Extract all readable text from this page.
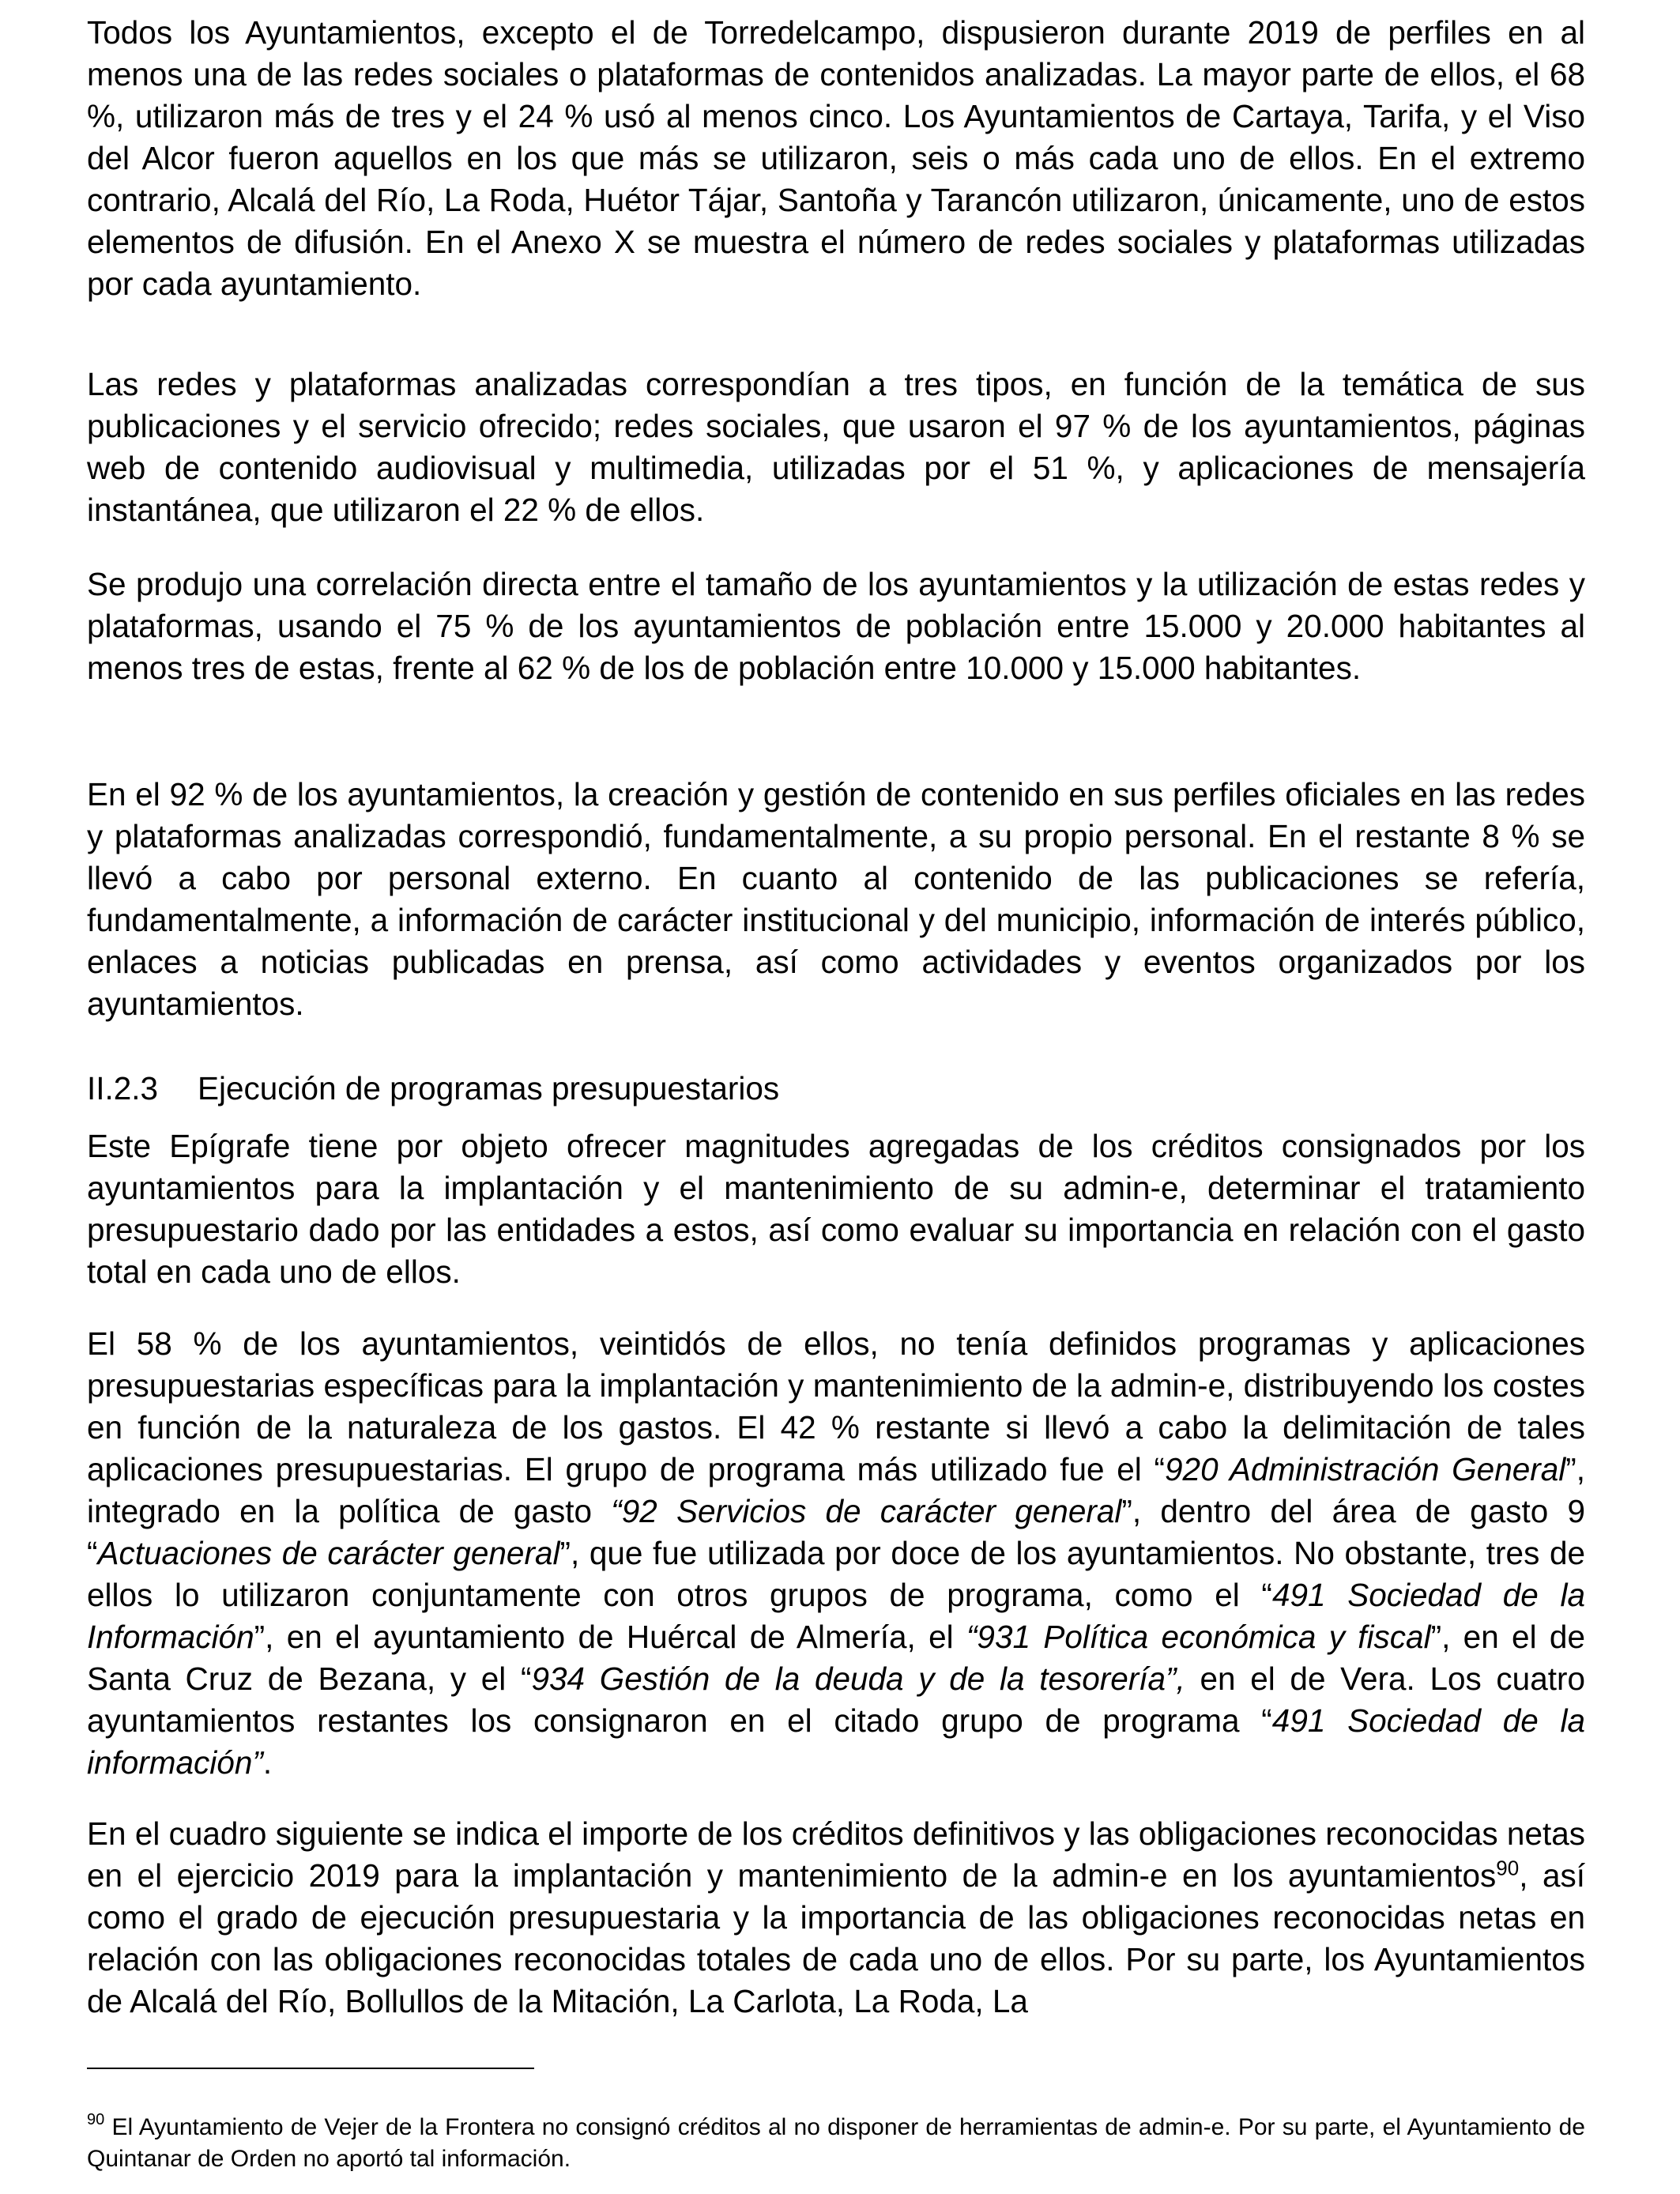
Todos los Ayuntamientos, excepto el de Torredelcampo, dispusieron durante 2019 de perfiles en al menos una de las redes sociales o plataformas de contenidos analizadas. La mayor parte de ellos, el 68 %, utilizaron más de tres y el 24 % usó al menos cinco. Los Ayuntamientos de Cartaya, Tarifa, y el Viso del Alcor fueron aquellos en los que más se utilizaron, seis o más cada uno de ellos. En el extremo contrario, Alcalá del Río, La Roda, Huétor Tájar, Santoña y Tarancón utilizaron, únicamente, uno de estos elementos de difusión. En el Anexo X se muestra el número de redes sociales y plataformas utilizadas por cada ayuntamiento.

Las redes y plataformas analizadas correspondían a tres tipos, en función de la temática de sus publicaciones y el servicio ofrecido; redes sociales, que usaron el 97 % de los ayuntamientos, páginas web de contenido audiovisual y multimedia, utilizadas por el 51 %, y aplicaciones de mensajería instantánea, que utilizaron el 22 % de ellos.

Se produjo una correlación directa entre el tamaño de los ayuntamientos y la utilización de estas redes y plataformas, usando el 75 % de los ayuntamientos de población entre 15.000 y 20.000 habitantes al menos tres de estas, frente al 62 % de los de población entre 10.000 y 15.000 habitantes.

En el 92 % de los ayuntamientos, la creación y gestión de contenido en sus perfiles oficiales en las redes y plataformas analizadas correspondió, fundamentalmente, a su propio personal. En el restante 8 % se llevó a cabo por personal externo. En cuanto al contenido de las publicaciones se refería, fundamentalmente, a información de carácter institucional y del municipio, información de interés público, enlaces a noticias publicadas en prensa, así como actividades y eventos organizados por los ayuntamientos.

II.2.3 Ejecución de programas presupuestarios

Este Epígrafe tiene por objeto ofrecer magnitudes agregadas de los créditos consignados por los ayuntamientos para la implantación y el mantenimiento de su admin-e, determinar el tratamiento presupuestario dado por las entidades a estos, así como evaluar su importancia en relación con el gasto total en cada uno de ellos.

El 58 % de los ayuntamientos, veintidós de ellos, no tenía definidos programas y aplicaciones presupuestarias específicas para la implantación y mantenimiento de la admin-e, distribuyendo los costes en función de la naturaleza de los gastos. El 42 % restante si llevó a cabo la delimitación de tales aplicaciones presupuestarias. El grupo de programa más utilizado fue el “920 Administración General”, integrado en la política de gasto “92 Servicios de carácter general”, dentro del área de gasto 9 “Actuaciones de carácter general”, que fue utilizada por doce de los ayuntamientos. No obstante, tres de ellos lo utilizaron conjuntamente con otros grupos de programa, como el “491 Sociedad de la Información”, en el ayuntamiento de Huércal de Almería, el “931 Política económica y fiscal”, en el de Santa Cruz de Bezana, y el “934 Gestión de la deuda y de la tesorería”, en el de Vera. Los cuatro ayuntamientos restantes los consignaron en el citado grupo de programa “491 Sociedad de la información”.

En el cuadro siguiente se indica el importe de los créditos definitivos y las obligaciones reconocidas netas en el ejercicio 2019 para la implantación y mantenimiento de la admin-e en los ayuntamientos$^{90}$, así como el grado de ejecución presupuestaria y la importancia de las obligaciones reconocidas netas en relación con las obligaciones reconocidas totales de cada uno de ellos. Por su parte, los Ayuntamientos de Alcalá del Río, Bollullos de la Mitación, La Carlota, La Roda, La

$^{90}$ El Ayuntamiento de Vejer de la Frontera no consignó créditos al no disponer de herramientas de admin-e. Por su parte, el Ayuntamiento de Quintanar de Orden no aportó tal información.
